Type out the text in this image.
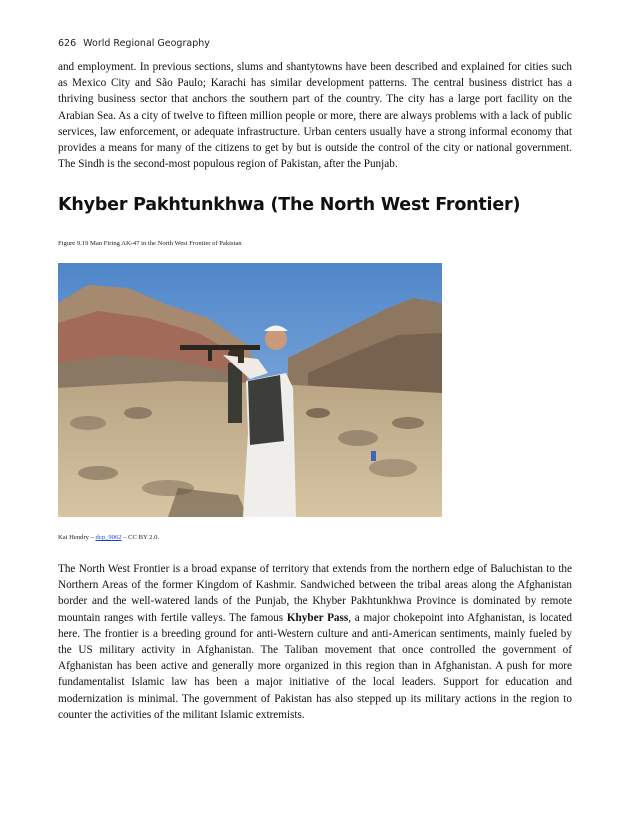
626 World Regional Geography

and employment. In previous sections, slums and shantytowns have been described and explained for cities such as Mexico City and São Paulo; Karachi has similar development patterns. The central business district has a thriving business sector that anchors the southern part of the country. The city has a large port facility on the Arabian Sea. As a city of twelve to fifteen million people or more, there are always problems with a lack of public services, law enforcement, or adequate infrastructure. Urban centers usually have a strong informal economy that provides a means for many of the citizens to get by but is outside the control of the city or national government. The Sindh is the second-most populous region of Pakistan, after the Punjab.

Khyber Pakhtunkhwa (The North West Frontier)
Figure 9.19 Man Firing AK-47 in the North West Frontier of Pakistan
Kai Hendry – dcp_9062 – CC BY 2.0.

The North West Frontier is a broad expanse of territory that extends from the northern edge of Baluchistan to the Northern Areas of the former Kingdom of Kashmir. Sandwiched between the tribal areas along the Afghanistan border and the well-watered lands of the Punjab, the Khyber Pakhtunkhwa Province is dominated by remote mountain ranges with fertile valleys. The famous Khyber Pass, a major chokepoint into Afghanistan, is located here. The frontier is a breeding ground for anti-Western culture and anti-American sentiments, mainly fueled by the US military activity in Afghanistan. The Taliban movement that once controlled the government of Afghanistan has been active and generally more organized in this region than in Afghanistan. A push for more fundamentalist Islamic law has been a major initiative of the local leaders. Support for education and modernization is minimal. The government of Pakistan has also stepped up its military actions in the region to counter the activities of the militant Islamic extremists.
